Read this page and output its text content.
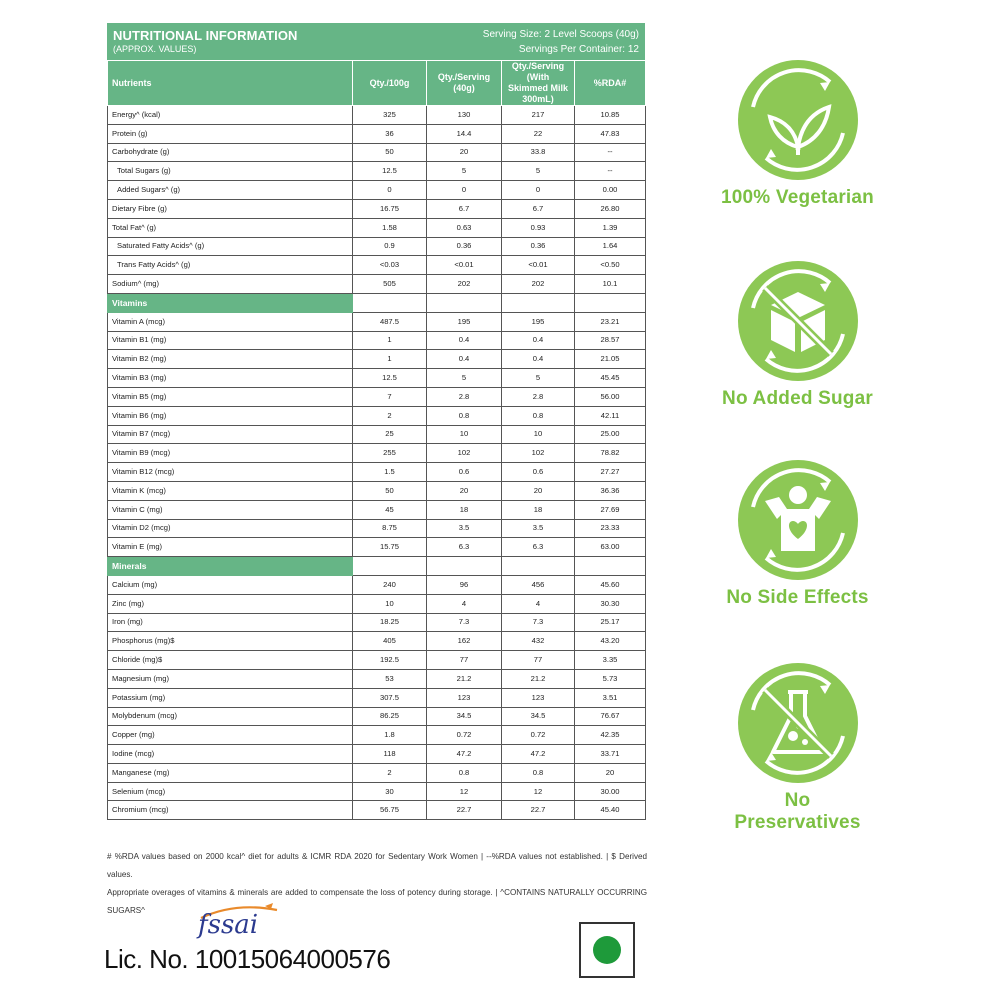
NUTRITIONAL INFORMATION
(APPROX. VALUES)
Serving Size: 2 Level Scoops (40g)
Servings Per Container: 12
Nutrients	Qty./100g	Qty./Serving (40g)	Qty./Serving (With Skimmed Milk 300mL)	%RDA#
Energy^ (kcal)	325	130	217	10.85
Protein (g)	36	14.4	22	47.83
Carbohydrate (g)	50	20	33.8	--
Total Sugars (g)	12.5	5	5	--
Added Sugars^ (g)	0	0	0	0.00
Dietary Fibre (g)	16.75	6.7	6.7	26.80
Total Fat^ (g)	1.58	0.63	0.93	1.39
Saturated Fatty Acids^ (g)	0.9	0.36	0.36	1.64
Trans Fatty Acids^ (g)	<0.03	<0.01	<0.01	<0.50
Sodium^ (mg)	505	202	202	10.1
Vitamins				
Vitamin A (mcg)	487.5	195	195	23.21
Vitamin B1 (mg)	1	0.4	0.4	28.57
Vitamin B2 (mg)	1	0.4	0.4	21.05
Vitamin B3 (mg)	12.5	5	5	45.45
Vitamin B5 (mg)	7	2.8	2.8	56.00
Vitamin B6 (mg)	2	0.8	0.8	42.11
Vitamin B7 (mcg)	25	10	10	25.00
Vitamin B9 (mcg)	255	102	102	78.82
Vitamin B12 (mcg)	1.5	0.6	0.6	27.27
Vitamin K (mcg)	50	20	20	36.36
Vitamin C (mg)	45	18	18	27.69
Vitamin D2 (mcg)	8.75	3.5	3.5	23.33
Vitamin E (mg)	15.75	6.3	6.3	63.00
Minerals				
Calcium (mg)	240	96	456	45.60
Zinc (mg)	10	4	4	30.30
Iron (mg)	18.25	7.3	7.3	25.17
Phosphorus (mg)$	405	162	432	43.20
Chloride (mg)$	192.5	77	77	3.35
Magnesium (mg)	53	21.2	21.2	5.73
Potassium (mg)	307.5	123	123	3.51
Molybdenum (mcg)	86.25	34.5	34.5	76.67
Copper (mg)	1.8	0.72	0.72	42.35
Iodine (mcg)	118	47.2	47.2	33.71
Manganese (mg)	2	0.8	0.8	20
Selenium (mcg)	30	12	12	30.00
Chromium (mcg)	56.75	22.7	22.7	45.40
# %RDA values based on 2000 kcal^ diet for adults & ICMR RDA 2020 for Sedentary Work Women | --%RDA values not established. | $ Derived values.
Appropriate overages of vitamins & minerals are added to compensate the loss of potency during storage. | ^CONTAINS NATURALLY OCCURRING SUGARS^	fssai
Lic. No. 10015064000576
100% Vegetarian
No Added Sugar
No Side Effects
No Preservatives
